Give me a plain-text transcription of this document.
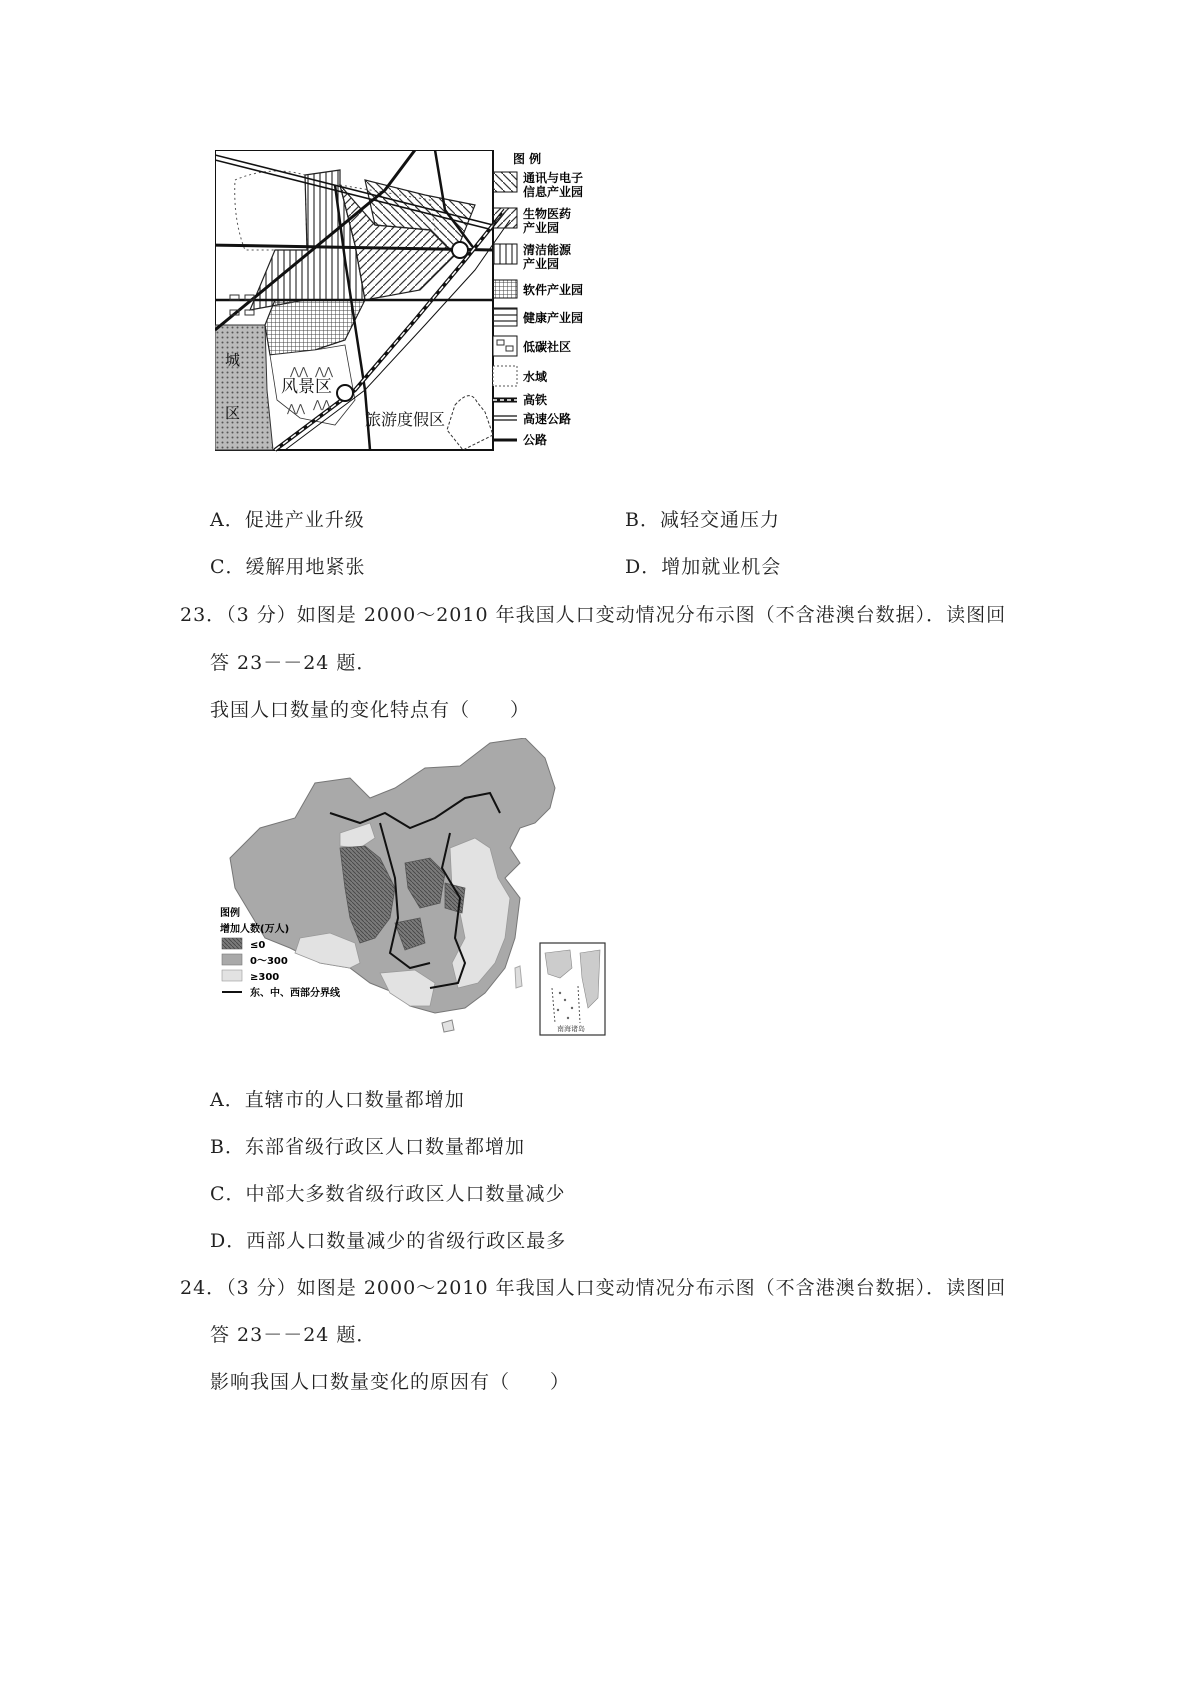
⋀⋀ ⋀⋀
⋀⋀ ⋀⋀
城
区
风景区
旅游度假区
图 例
通讯与电子
信息产业园
生物医药
产业园
清洁能源
产业园
软件产业园
健康产业园
低碳社区
水域
高铁
高速公路
公路
A．促进产业升级	B．减轻交通压力
C．缓解用地紧张	D．增加就业机会
23．（3 分）如图是 2000～2010 年我国人口变动情况分布示图（不含港澳台数据）．读图回
答 23－－24 题．
我国人口数量的变化特点有（　　）
南海诸岛
图例
增加人数(万人)
≤0
0～300
≥300
东、中、西部分界线
A．直辖市的人口数量都增加
B．东部省级行政区人口数量都增加
C．中部大多数省级行政区人口数量减少
D．西部人口数量减少的省级行政区最多
24．（3 分）如图是 2000～2010 年我国人口变动情况分布示图（不含港澳台数据）．读图回
答 23－－24 题．
影响我国人口数量变化的原因有（　　）
